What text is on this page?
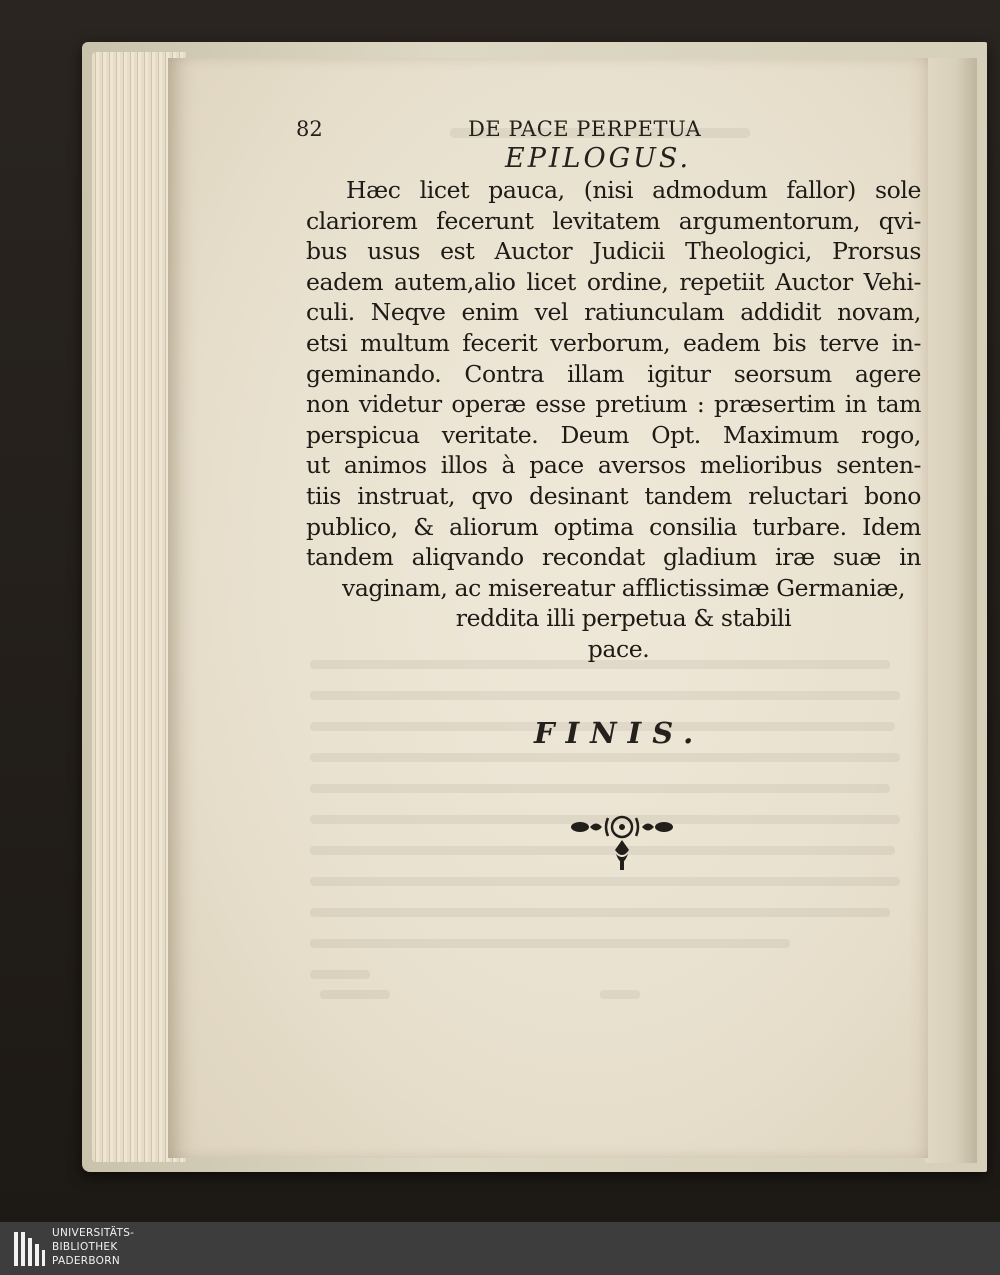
82	DE PACE PERPETUA
EPILOGUS.
Hæc licet pauca, (nisi admodum fallor) sole
clariorem fecerunt levitatem argumentorum, qvi-
bus usus est Auctor Judicii Theologici, Prorsus
eadem autem,alio licet ordine, repetiit Auctor Vehi-
culi. Neqve enim vel ratiunculam addidit novam,
etsi multum fecerit verborum, eadem bis terve in-
geminando. Contra illam igitur seorsum agere
non videtur operæ esse pretium : præsertim in tam
perspicua veritate. Deum Opt. Maximum rogo,
ut animos illos à pace aversos melioribus senten-
tiis instruat, qvo desinant tandem reluctari bono
publico, & aliorum optima consilia turbare. Idem
tandem aliqvando recondat gladium iræ suæ in
vaginam, ac misereatur afflictissimæ Germaniæ,
reddita illi perpetua & stabili
pace.
FINIS.
UNIVERSITÄTS-
BIBLIOTHEK
PADERBORN
